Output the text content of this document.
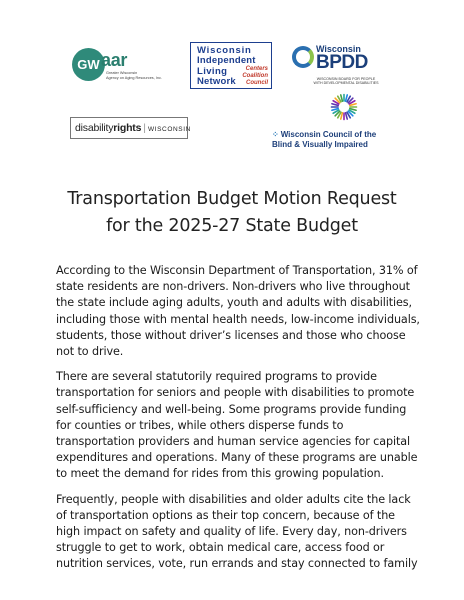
GW aar
Greater Wisconsin
Agency on Aging Resources, Inc.
Wisconsin
Independent
Living
Network
Centers
Coalition
Council
Wisconsin
BPDD
WISCONSIN BOARD FOR PEOPLE
WITH DEVELOPMENTAL DISABILITIES
disabilityrights | WISCONSIN
⁘ Wisconsin Council of the
Blind & Visually Impaired
Transportation Budget Motion Request
for the 2025-27 State Budget

According to the Wisconsin Department of Transportation, 31% of
state residents are non-drivers. Non-drivers who live throughout
the state include aging adults, youth and adults with disabilities,
including those with mental health needs, low-income individuals,
students, those without driver’s licenses and those who choose
not to drive.

There are several statutorily required programs to provide
transportation for seniors and people with disabilities to promote
self-sufficiency and well-being. Some programs provide funding
for counties or tribes, while others disperse funds to
transportation providers and human service agencies for capital
expenditures and operations. Many of these programs are unable
to meet the demand for rides from this growing population.

Frequently, people with disabilities and older adults cite the lack
of transportation options as their top concern, because of the
high impact on safety and quality of life. Every day, non-drivers
struggle to get to work, obtain medical care, access food or
nutrition services, vote, run errands and stay connected to family
